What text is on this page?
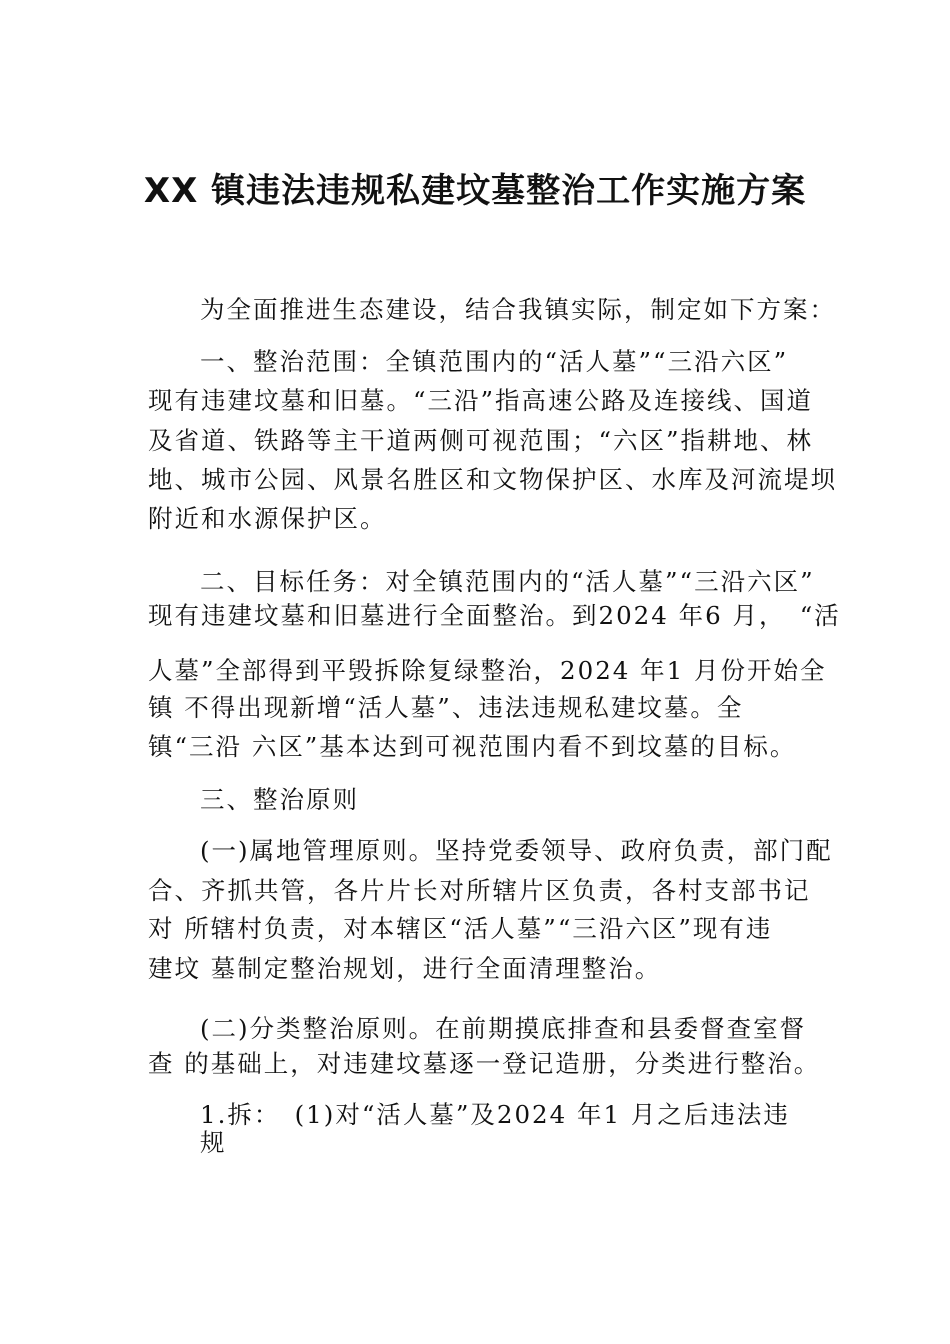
XX 镇违法违规私建坟墓整治工作实施方案
为全面推进生态建设，结合我镇实际，制定如下方案：
一、整治范围：全镇范围内的“活人墓”“三沿六区”
现有违建坟墓和旧墓。“三沿”指高速公路及连接线、国道
及省道、铁路等主干道两侧可视范围；“六区”指耕地、林
地、城市公园、风景名胜区和文物保护区、水库及河流堤坝
附近和水源保护区。
二、目标任务：对全镇范围内的“活人墓”“三沿六区”
现有违建坟墓和旧墓进行全面整治。到2024 年6 月，　“活
人墓”全部得到平毁拆除复绿整治，2024 年1 月份开始全
镇 不得出现新增“活人墓”、违法违规私建坟墓。全
镇“三沿 六区”基本达到可视范围内看不到坟墓的目标。
三、整治原则
(一)属地管理原则。坚持党委领导、政府负责，部门配
合、齐抓共管，各片片长对所辖片区负责，各村支部书记
对 所辖村负责，对本辖区“活人墓”“三沿六区”现有违
建坟 墓制定整治规划，进行全面清理整治。
(二)分类整治原则。在前期摸底排查和县委督查室督
查 的基础上，对违建坟墓逐一登记造册，分类进行整治。
1.拆：　(1)对“活人墓”及2024 年1 月之后违法违
规
